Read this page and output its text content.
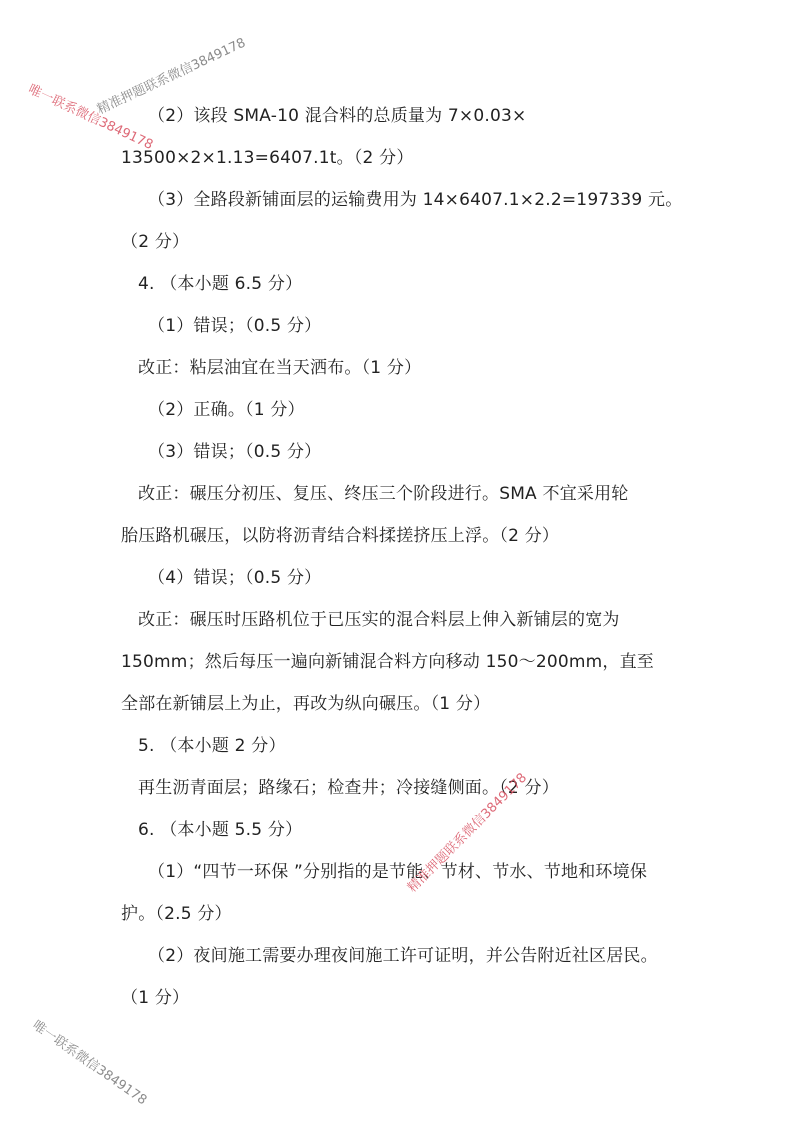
（2）该段 SMA-10 混合料的总质量为 7×0.03×
13500×2×1.13=6407.1t。（2 分）
（3）全路段新铺面层的运输费用为 14×6407.1×2.2=197339 元。
（2 分）
4. （本小题 6.5 分）
（1）错误；（0.5 分）
改正：粘层油宜在当天洒布。（1 分）
（2）正确。（1 分）
（3）错误；（0.5 分）
改正：碾压分初压、复压、终压三个阶段进行。SMA 不宜采用轮
胎压路机碾压，以防将沥青结合料揉搓挤压上浮。（2 分）
（4）错误；（0.5 分）
改正：碾压时压路机位于已压实的混合料层上伸入新铺层的宽为
150mm；然后每压一遍向新铺混合料方向移动 150～200mm，直至
全部在新铺层上为止，再改为纵向碾压。（1 分）
5. （本小题 2 分）
再生沥青面层；路缘石；检查井；冷接缝侧面。（2 分）
6. （本小题 5.5 分）
（1）“四节一环保 ”分别指的是节能、节材、节水、节地和环境保
护。（2.5 分）
（2）夜间施工需要办理夜间施工许可证明，并公告附近社区居民。
（1 分）
精准押题联系微信3849178
唯一联系微信3849178
精准押题联系微信3849178
唯一联系微信3849178
